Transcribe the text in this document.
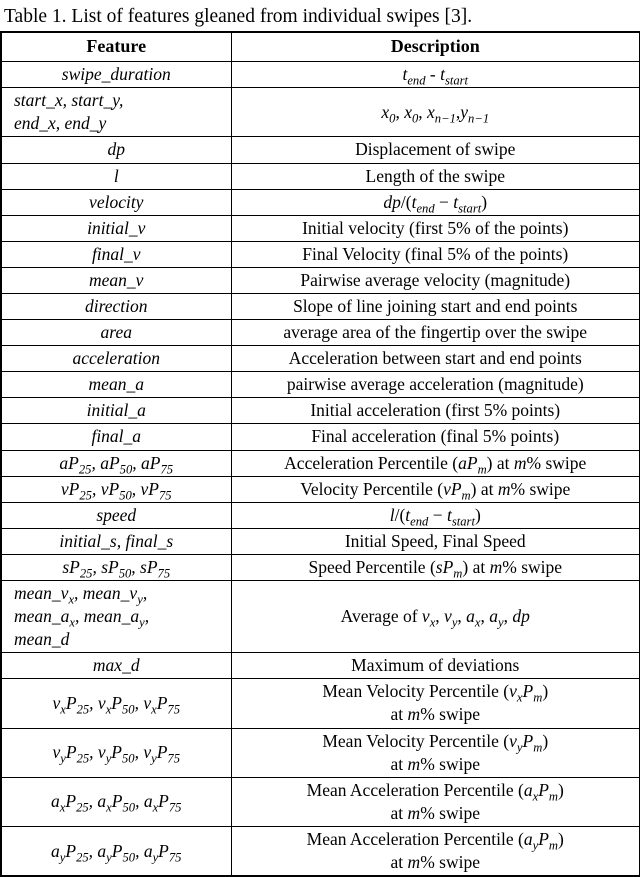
Table 1. List of features gleaned from individual swipes [3].
Feature	Description
swipe_duration	$t_{end} - t_{start}$
start_x, start_y,
end_x, end_y	$x_0$, $x_0$, $x_{n-1},y_{n-1}$
dp	Displacement of swipe
l	Length of the swipe
velocity	$dp/(t_{end} - t_{start})$
initial_v	Initial velocity (first 5% of the points)
final_v	Final Velocity (final 5% of the points)
mean_v	Pairwise average velocity (magnitude)
direction	Slope of line joining start and end points
area	average area of the fingertip over the swipe
acceleration	Acceleration between start and end points
mean_a	pairwise average acceleration (magnitude)
initial_a	Initial acceleration (first 5% points)
final_a	Final acceleration (final 5% points)
$aP_{25}$, $aP_{50}$, $aP_{75}$	Acceleration Percentile $(aP_m)$ at m% swipe
$vP_{25}$, $vP_{50}$, $vP_{75}$	Velocity Percentile $(vP_m)$ at m% swipe
speed	$l/(t_{end} - t_{start})$
initial_s, final_s	Initial Speed, Final Speed
$sP_{25}$, $sP_{50}$, $sP_{75}$	Speed Percentile $(sP_m)$ at m% swipe
$mean\_v_x$, $mean\_v_y$,
$mean\_a_x$, $mean\_a_y$,
mean_d	Average of $v_x$, $v_y$, $a_x$, $a_y$, dp
max_d	Maximum of deviations
$v_xP_{25}$, $v_xP_{50}$, $v_xP_{75}$	Mean Velocity Percentile $(v_xP_m)$
at m% swipe
$v_yP_{25}$, $v_yP_{50}$, $v_yP_{75}$	Mean Velocity Percentile $(v_yP_m)$
at m% swipe
$a_xP_{25}$, $a_xP_{50}$, $a_xP_{75}$	Mean Acceleration Percentile $(a_xP_m)$
at m% swipe
$a_yP_{25}$, $a_yP_{50}$, $a_yP_{75}$	Mean Acceleration Percentile $(a_yP_m)$
at m% swipe
